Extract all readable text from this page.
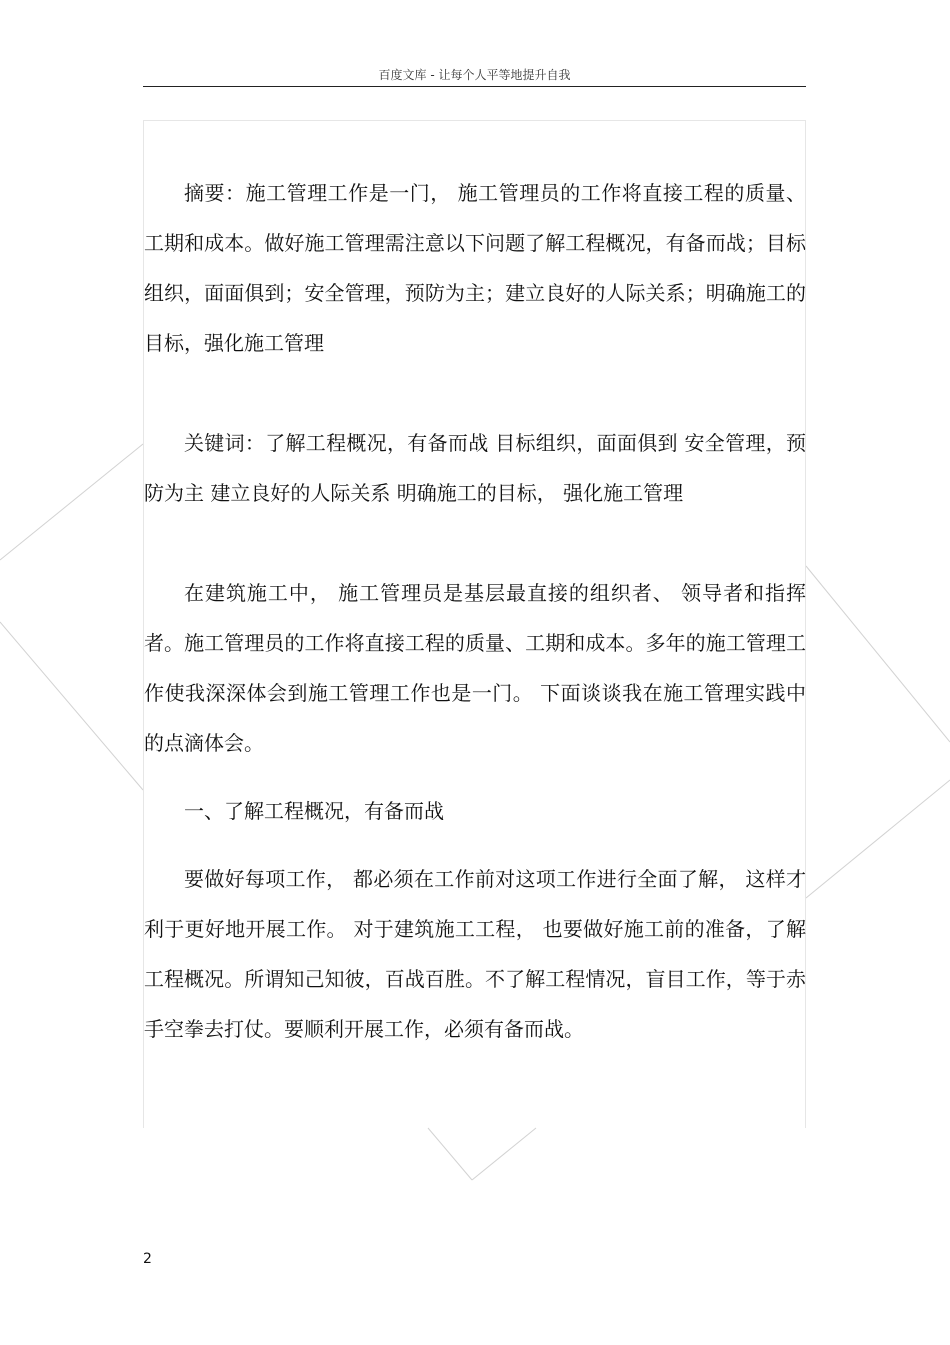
百度文库 - 让每个人平等地提升自我

摘要：施工管理工作是一门， 施工管理员的工作将直接工程的质量、工期和成本。做好施工管理需注意以下问题了解工程概况，有备而战；目标组织，面面俱到；安全管理，预防为主；建立良好的人际关系；明确施工的目标，强化施工管理

关键词：了解工程概况，有备而战 目标组织，面面俱到 安全管理，预防为主 建立良好的人际关系 明确施工的目标， 强化施工管理

在建筑施工中， 施工管理员是基层最直接的组织者、 领导者和指挥者。施工管理员的工作将直接工程的质量、工期和成本。多年的施工管理工作使我深深体会到施工管理工作也是一门。 下面谈谈我在施工管理实践中的点滴体会。

一、了解工程概况，有备而战

要做好每项工作， 都必须在工作前对这项工作进行全面了解， 这样才利于更好地开展工作。 对于建筑施工工程， 也要做好施工前的准备，了解工程概况。所谓知己知彼，百战百胜。不了解工程情况，盲目工作，等于赤手空拳去打仗。要顺利开展工作，必须有备而战。

2
